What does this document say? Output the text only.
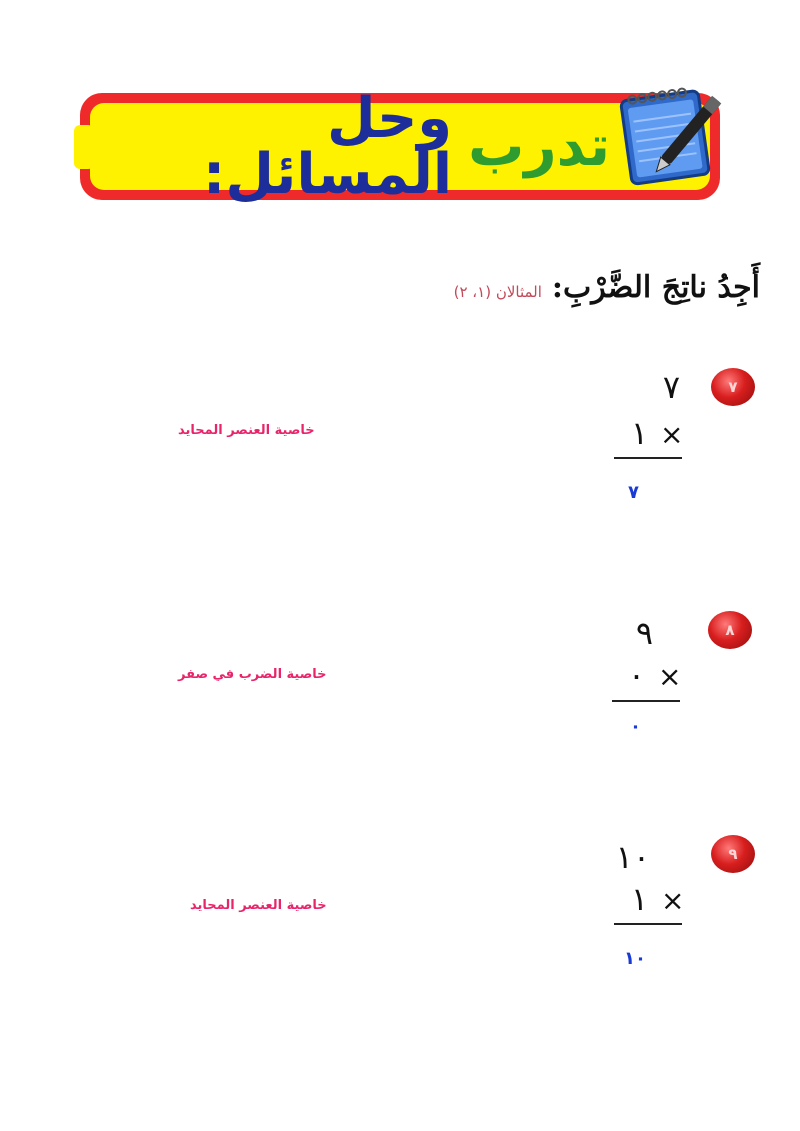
تدرب
وحل المسائل:
أَجِدُ ناتِجَ الضَّرْبِ:
المثالان (١، ٢)
٧
٧
×
١
٧
خاصية العنصر المحايد
٨
٩
×
٠
٠
خاصية الضرب في صفر
٩
١٠
×
١
١٠
خاصية العنصر المحايد
